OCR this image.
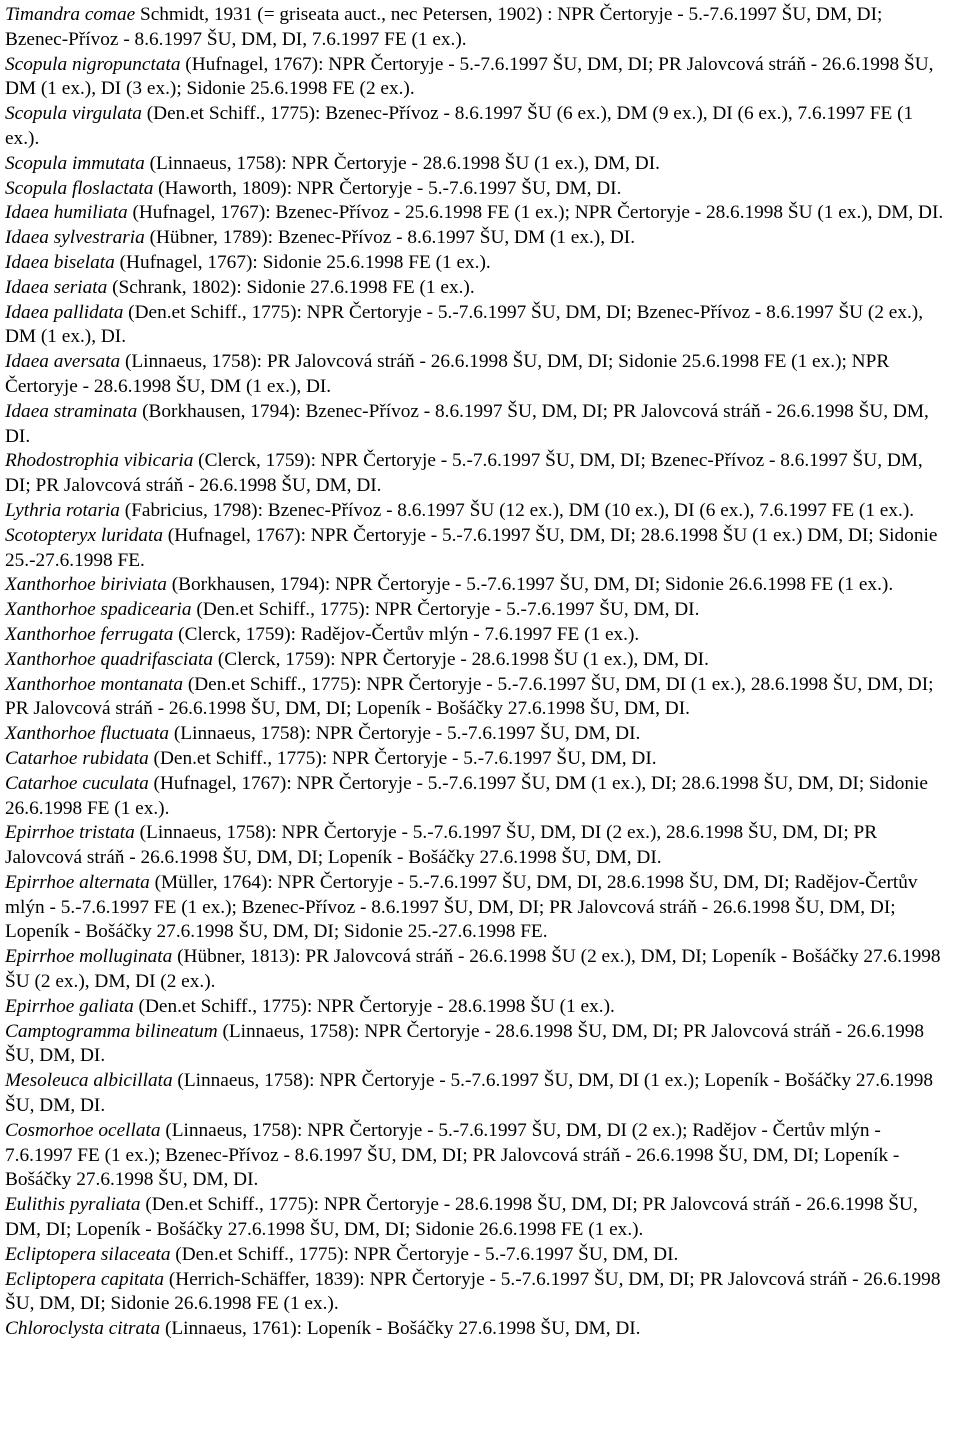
Timandra comae Schmidt, 1931 (= griseata auct., nec Petersen, 1902) : NPR Čertoryje - 5.-7.6.1997 ŠU, DM, DI; Bzenec-Přívoz - 8.6.1997 ŠU, DM, DI, 7.6.1997 FE (1 ex.).

Scopula nigropunctata (Hufnagel, 1767): NPR Čertoryje - 5.-7.6.1997 ŠU, DM, DI; PR Jalovcová stráň - 26.6.1998 ŠU, DM (1 ex.), DI (3 ex.); Sidonie 25.6.1998 FE (2 ex.).

Scopula virgulata (Den.et Schiff., 1775): Bzenec-Přívoz - 8.6.1997 ŠU (6 ex.), DM (9 ex.), DI (6 ex.), 7.6.1997 FE (1 ex.).

Scopula immutata (Linnaeus, 1758): NPR Čertoryje - 28.6.1998 ŠU (1 ex.), DM, DI.

Scopula floslactata (Haworth, 1809): NPR Čertoryje - 5.-7.6.1997 ŠU, DM, DI.

Idaea humiliata (Hufnagel, 1767): Bzenec-Přívoz - 25.6.1998 FE (1 ex.); NPR Čertoryje - 28.6.1998 ŠU (1 ex.), DM, DI.

Idaea sylvestraria (Hübner, 1789): Bzenec-Přívoz - 8.6.1997 ŠU, DM (1 ex.), DI.

Idaea biselata (Hufnagel, 1767): Sidonie 25.6.1998 FE (1 ex.).

Idaea seriata (Schrank, 1802): Sidonie 27.6.1998 FE (1 ex.).

Idaea pallidata (Den.et Schiff., 1775): NPR Čertoryje - 5.-7.6.1997 ŠU, DM, DI; Bzenec-Přívoz - 8.6.1997 ŠU (2 ex.), DM (1 ex.), DI.

Idaea aversata (Linnaeus, 1758): PR Jalovcová stráň - 26.6.1998 ŠU, DM, DI; Sidonie 25.6.1998 FE (1 ex.); NPR Čertoryje - 28.6.1998 ŠU, DM (1 ex.), DI.

Idaea straminata (Borkhausen, 1794): Bzenec-Přívoz - 8.6.1997 ŠU, DM, DI; PR Jalovcová stráň - 26.6.1998 ŠU, DM, DI.

Rhodostrophia vibicaria (Clerck, 1759): NPR Čertoryje - 5.-7.6.1997 ŠU, DM, DI; Bzenec-Přívoz - 8.6.1997 ŠU, DM, DI; PR Jalovcová stráň - 26.6.1998 ŠU, DM, DI.

Lythria rotaria (Fabricius, 1798): Bzenec-Přívoz - 8.6.1997 ŠU (12 ex.), DM (10 ex.), DI (6 ex.), 7.6.1997 FE (1 ex.).

Scotopteryx luridata (Hufnagel, 1767): NPR Čertoryje - 5.-7.6.1997 ŠU, DM, DI; 28.6.1998 ŠU (1 ex.) DM, DI; Sidonie 25.-27.6.1998 FE.

Xanthorhoe biriviata (Borkhausen, 1794): NPR Čertoryje - 5.-7.6.1997 ŠU, DM, DI; Sidonie 26.6.1998 FE (1 ex.).

Xanthorhoe spadicearia (Den.et Schiff., 1775): NPR Čertoryje - 5.-7.6.1997 ŠU, DM, DI.

Xanthorhoe ferrugata (Clerck, 1759): Radějov-Čertův mlýn - 7.6.1997 FE (1 ex.).

Xanthorhoe quadrifasciata (Clerck, 1759): NPR Čertoryje - 28.6.1998 ŠU (1 ex.), DM, DI.

Xanthorhoe montanata (Den.et Schiff., 1775): NPR Čertoryje - 5.-7.6.1997 ŠU, DM, DI (1 ex.), 28.6.1998 ŠU, DM, DI; PR Jalovcová stráň - 26.6.1998 ŠU, DM, DI; Lopeník - Bošáčky 27.6.1998 ŠU, DM, DI.

Xanthorhoe fluctuata (Linnaeus, 1758): NPR Čertoryje - 5.-7.6.1997 ŠU, DM, DI.

Catarhoe rubidata (Den.et Schiff., 1775): NPR Čertoryje - 5.-7.6.1997 ŠU, DM, DI.

Catarhoe cuculata (Hufnagel, 1767): NPR Čertoryje - 5.-7.6.1997 ŠU, DM (1 ex.), DI; 28.6.1998 ŠU, DM, DI; Sidonie 26.6.1998 FE (1 ex.).

Epirrhoe tristata (Linnaeus, 1758): NPR Čertoryje - 5.-7.6.1997 ŠU, DM, DI (2 ex.), 28.6.1998 ŠU, DM, DI; PR Jalovcová stráň - 26.6.1998 ŠU, DM, DI; Lopeník - Bošáčky 27.6.1998 ŠU, DM, DI.

Epirrhoe alternata (Müller, 1764): NPR Čertoryje - 5.-7.6.1997 ŠU, DM, DI, 28.6.1998 ŠU, DM, DI; Radějov-Čertův mlýn - 5.-7.6.1997 FE (1 ex.); Bzenec-Přívoz - 8.6.1997 ŠU, DM, DI; PR Jalovcová stráň - 26.6.1998 ŠU, DM, DI; Lopeník - Bošáčky 27.6.1998 ŠU, DM, DI; Sidonie 25.-27.6.1998 FE.

Epirrhoe molluginata (Hübner, 1813): PR Jalovcová stráň - 26.6.1998 ŠU (2 ex.), DM, DI; Lopeník - Bošáčky 27.6.1998 ŠU (2 ex.), DM, DI (2 ex.).

Epirrhoe galiata (Den.et Schiff., 1775): NPR Čertoryje - 28.6.1998 ŠU (1 ex.).

Camptogramma bilineatum (Linnaeus, 1758): NPR Čertoryje - 28.6.1998 ŠU, DM, DI; PR Jalovcová stráň - 26.6.1998 ŠU, DM, DI.

Mesoleuca albicillata (Linnaeus, 1758): NPR Čertoryje - 5.-7.6.1997 ŠU, DM, DI (1 ex.); Lopeník - Bošáčky 27.6.1998 ŠU, DM, DI.

Cosmorhoe ocellata (Linnaeus, 1758): NPR Čertoryje - 5.-7.6.1997 ŠU, DM, DI (2 ex.); Radějov - Čertův mlýn - 7.6.1997 FE (1 ex.); Bzenec-Přívoz - 8.6.1997 ŠU, DM, DI; PR Jalovcová stráň - 26.6.1998 ŠU, DM, DI; Lopeník - Bošáčky 27.6.1998 ŠU, DM, DI.

Eulithis pyraliata (Den.et Schiff., 1775): NPR Čertoryje - 28.6.1998 ŠU, DM, DI; PR Jalovcová stráň - 26.6.1998 ŠU, DM, DI; Lopeník - Bošáčky 27.6.1998 ŠU, DM, DI; Sidonie 26.6.1998 FE (1 ex.).

Ecliptopera silaceata (Den.et Schiff., 1775): NPR Čertoryje - 5.-7.6.1997 ŠU, DM, DI.

Ecliptopera capitata (Herrich-Schäffer, 1839): NPR Čertoryje - 5.-7.6.1997 ŠU, DM, DI; PR Jalovcová stráň - 26.6.1998 ŠU, DM, DI; Sidonie 26.6.1998 FE (1 ex.).

Chloroclysta citrata (Linnaeus, 1761): Lopeník - Bošáčky 27.6.1998 ŠU, DM, DI.
